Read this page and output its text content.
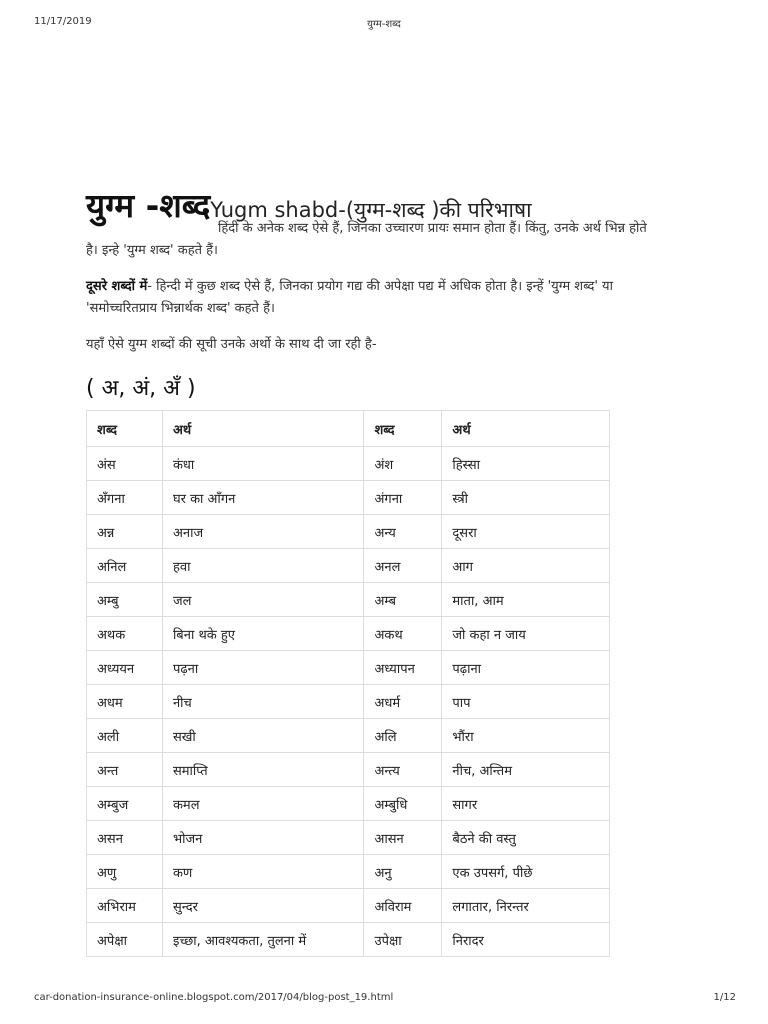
11/17/2019	युग्म-शब्द
युग्म -शब्दYugm shabd-(युग्म-शब्द )की परिभाषा
हिंदी के अनेक शब्द ऐसे हैं, जिनका उच्चारण प्रायः समान होता हैं। किंतु, उनके अर्थ भिन्न होते
है। इन्हे 'युग्म शब्द' कहते हैं।
दूसरे शब्दों में- हिन्दी में कुछ शब्द ऐसे हैं, जिनका प्रयोग गद्य की अपेक्षा पद्य में अधिक होता है। इन्हें 'युग्म शब्द' या 'समोच्चरितप्राय भिन्नार्थक शब्द' कहते हैं।
यहाँ ऐसे युग्म शब्दों की सूची उनके अर्थो के साथ दी जा रही है-
( अ, अं, अँ )
शब्द	अर्थ	शब्द	अर्थ
अंस	कंधा	अंश	हिस्सा
अँगना	घर का आँगन	अंगना	स्त्री
अन्न	अनाज	अन्य	दूसरा
अनिल	हवा	अनल	आग
अम्बु	जल	अम्ब	माता, आम
अथक	बिना थके हुए	अकथ	जो कहा न जाय
अध्ययन	पढ़ना	अध्यापन	पढ़ाना
अधम	नीच	अधर्म	पाप
अली	सखी	अलि	भौंरा
अन्त	समाप्ति	अन्त्य	नीच, अन्तिम
अम्बुज	कमल	अम्बुधि	सागर
असन	भोजन	आसन	बैठने की वस्तु
अणु	कण	अनु	एक उपसर्ग, पीछे
अभिराम	सुन्दर	अविराम	लगातार, निरन्तर
अपेक्षा	इच्छा, आवश्यकता, तुलना में	उपेक्षा	निरादर
car-donation-insurance-online.blogspot.com/2017/04/blog-post_19.html	1/12
